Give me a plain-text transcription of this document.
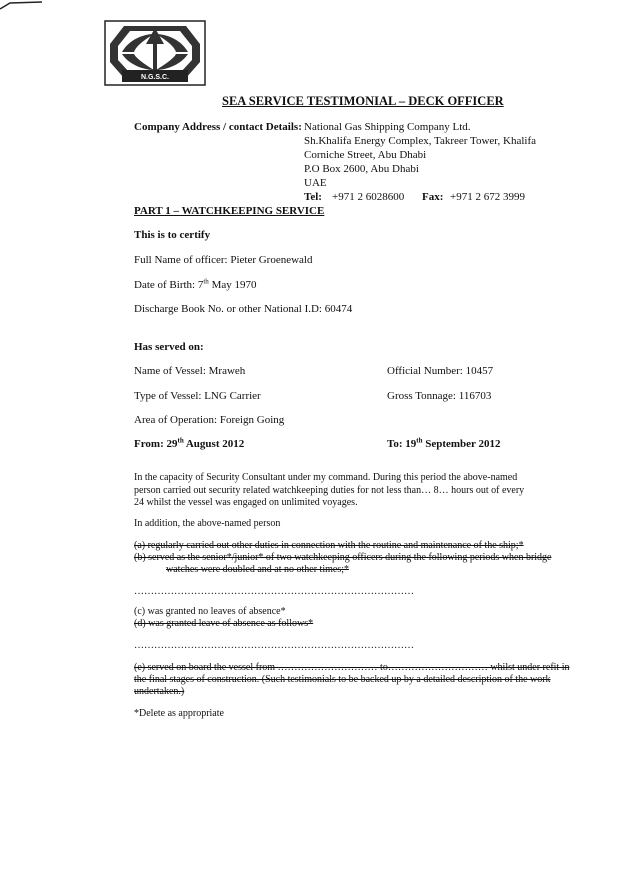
N.G.S.C.
SEA SERVICE TESTIMONIAL – DECK OFFICER
Company Address / contact Details: National Gas Shipping Company Ltd.
Sh.Khalifa Energy Complex, Takreer Tower, Khalifa
Corniche Street, Abu Dhabi
P.O Box 2600, Abu Dhabi
UAE
Tel: +971 2 6028600 Fax: +971 2 672 3999
PART 1 – WATCHKEEPING SERVICE
This is to certify
Full Name of officer: Pieter Groenewald
Date of Birth: 7th May 1970
Discharge Book No. or other National I.D: 60474
Has served on:
Name of Vessel: Mraweh	Official Number: 10457
Type of Vessel: LNG Carrier	Gross Tonnage: 116703
Area of Operation: Foreign Going
From: 29th August 2012	To: 19th September 2012
In the capacity of Security Consultant under my command. During this period the above-named person carried out security related watchkeeping duties for not less than… 8… hours out of every 24 whilst the vessel was engaged on unlimited voyages.
In addition, the above-named person
(a) regularly carried out other duties in connection with the routine and maintenance of the ship;*
(b) served as the senior*/junior* of two watchkeeping officers during the following periods when bridge
watches were doubled and at no other times;*
…………………………………………………………………………
(c) was granted no leaves of absence*
(d) was granted leave of absence as follows*
…………………………………………………………………………
(e) served on board the vessel from ………………………… to………………………… whilst under refit in
the final stages of construction. (Such testimonials to be backed up by a detailed description of the work
undertaken.)
*Delete as appropriate
